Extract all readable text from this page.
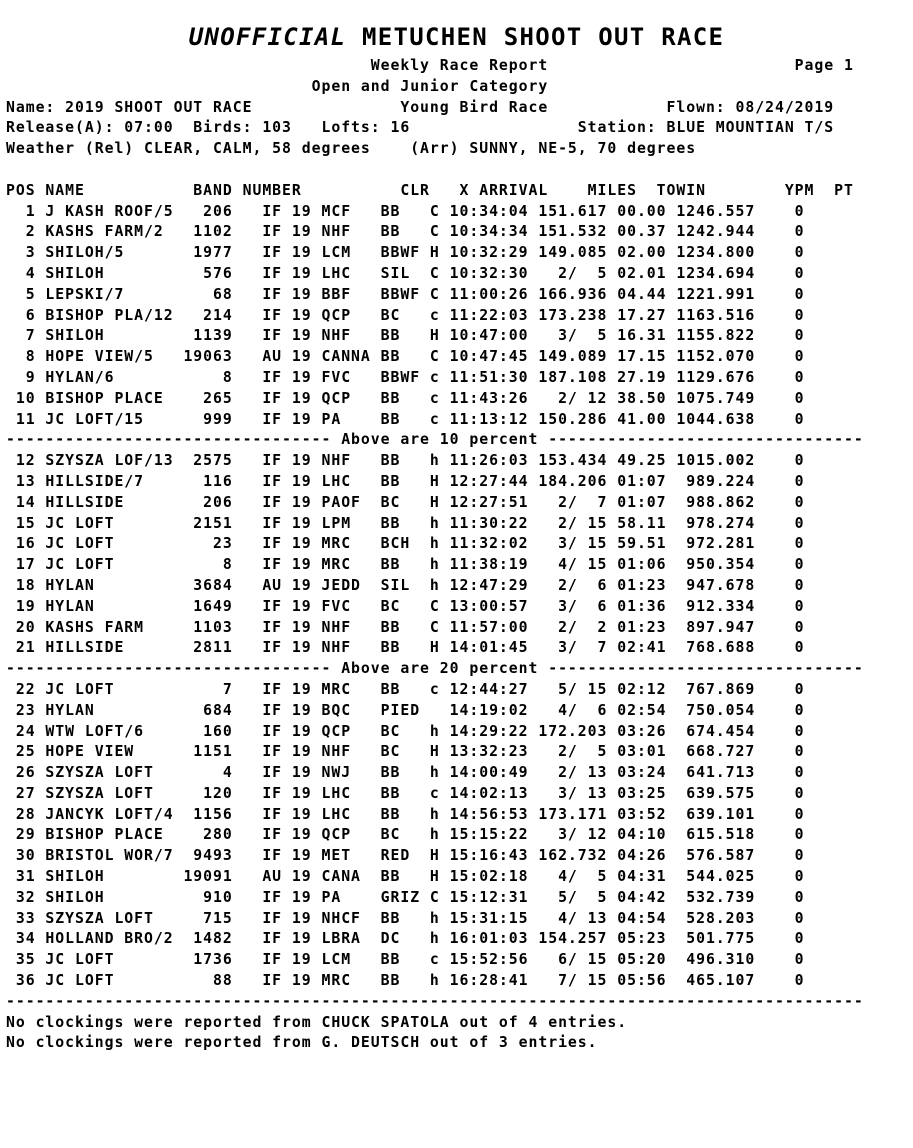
UNOFFICIAL METUCHEN SHOOT OUT RACE
Weekly Race Report                         Page 1
Open and Junior Category
Name: 2019 SHOOT OUT RACE               Young Bird Race            Flown: 08/24/2019
Release(A): 07:00  Birds: 103   Lofts: 16                 Station: BLUE MOUNTIAN T/S
Weather (Rel) CLEAR, CALM, 58 degrees    (Arr) SUNNY, NE-5, 70 degrees
POS NAME           BAND NUMBER          CLR   X ARRIVAL    MILES  TOWIN        YPM  PT
1 J KASH ROOF/5   206   IF 19 MCF   BB   C 10:34:04 151.617 00.00 1246.557    0
2 KASHS FARM/2   1102   IF 19 NHF   BB   C 10:34:34 151.532 00.37 1242.944    0
3 SHILOH/5       1977   IF 19 LCM   BBWF H 10:32:29 149.085 02.00 1234.800    0
4 SHILOH          576   IF 19 LHC   SIL  C 10:32:30   2/  5 02.01 1234.694    0
5 LEPSKI/7         68   IF 19 BBF   BBWF C 11:00:26 166.936 04.44 1221.991    0
6 BISHOP PLA/12   214   IF 19 QCP   BC   c 11:22:03 173.238 17.27 1163.516    0
7 SHILOH         1139   IF 19 NHF   BB   H 10:47:00   3/  5 16.31 1155.822    0
8 HOPE VIEW/5   19063   AU 19 CANNA BB   C 10:47:45 149.089 17.15 1152.070    0
9 HYLAN/6           8   IF 19 FVC   BBWF c 11:51:30 187.108 27.19 1129.676    0
10 BISHOP PLACE    265   IF 19 QCP   BB   c 11:43:26   2/ 12 38.50 1075.749    0
11 JC LOFT/15      999   IF 19 PA    BB   c 11:13:12 150.286 41.00 1044.638    0
--------------------------------- Above are 10 percent --------------------------------
12 SZYSZA LOF/13  2575   IF 19 NHF   BB   h 11:26:03 153.434 49.25 1015.002    0
13 HILLSIDE/7      116   IF 19 LHC   BB   H 12:27:44 184.206 01:07  989.224    0
14 HILLSIDE        206   IF 19 PAOF  BC   H 12:27:51   2/  7 01:07  988.862    0
15 JC LOFT        2151   IF 19 LPM   BB   h 11:30:22   2/ 15 58.11  978.274    0
16 JC LOFT          23   IF 19 MRC   BCH  h 11:32:02   3/ 15 59.51  972.281    0
17 JC LOFT           8   IF 19 MRC   BB   h 11:38:19   4/ 15 01:06  950.354    0
18 HYLAN          3684   AU 19 JEDD  SIL  h 12:47:29   2/  6 01:23  947.678    0
19 HYLAN          1649   IF 19 FVC   BC   C 13:00:57   3/  6 01:36  912.334    0
20 KASHS FARM     1103   IF 19 NHF   BB   C 11:57:00   2/  2 01:23  897.947    0
21 HILLSIDE       2811   IF 19 NHF   BB   H 14:01:45   3/  7 02:41  768.688    0
--------------------------------- Above are 20 percent --------------------------------
22 JC LOFT           7   IF 19 MRC   BB   c 12:44:27   5/ 15 02:12  767.869    0
23 HYLAN           684   IF 19 BQC   PIED   14:19:02   4/  6 02:54  750.054    0
24 WTW LOFT/6      160   IF 19 QCP   BC   h 14:29:22 172.203 03:26  674.454    0
25 HOPE VIEW      1151   IF 19 NHF   BC   H 13:32:23   2/  5 03:01  668.727    0
26 SZYSZA LOFT       4   IF 19 NWJ   BB   h 14:00:49   2/ 13 03:24  641.713    0
27 SZYSZA LOFT     120   IF 19 LHC   BB   c 14:02:13   3/ 13 03:25  639.575    0
28 JANCYK LOFT/4  1156   IF 19 LHC   BB   h 14:56:53 173.171 03:52  639.101    0
29 BISHOP PLACE    280   IF 19 QCP   BC   h 15:15:22   3/ 12 04:10  615.518    0
30 BRISTOL WOR/7  9493   IF 19 MET   RED  H 15:16:43 162.732 04:26  576.587    0
31 SHILOH        19091   AU 19 CANA  BB   H 15:02:18   4/  5 04:31  544.025    0
32 SHILOH          910   IF 19 PA    GRIZ C 15:12:31   5/  5 04:42  532.739    0
33 SZYSZA LOFT     715   IF 19 NHCF  BB   h 15:31:15   4/ 13 04:54  528.203    0
34 HOLLAND BRO/2  1482   IF 19 LBRA  DC   h 16:01:03 154.257 05:23  501.775    0
35 JC LOFT        1736   IF 19 LCM   BB   c 15:52:56   6/ 15 05:20  496.310    0
36 JC LOFT          88   IF 19 MRC   BB   h 16:28:41   7/ 15 05:56  465.107    0
---------------------------------------------------------------------------------------
No clockings were reported from CHUCK SPATOLA out of 4 entries.
No clockings were reported from G. DEUTSCH out of 3 entries.
